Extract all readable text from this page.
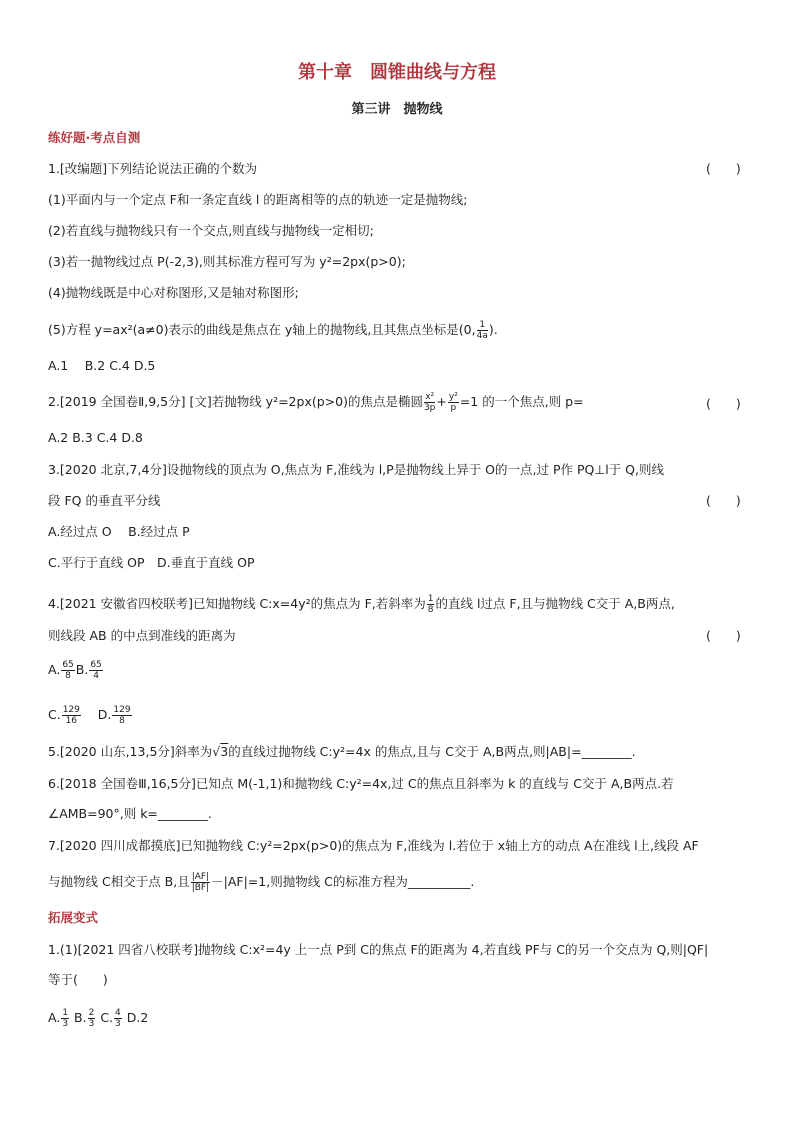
第十章　圆锥曲线与方程
第三讲　抛物线
练好题·考点自测
1.[改编题]下列结论说法正确的个数为	(　　)
(1)平面内与一个定点 F和一条定直线 l 的距离相等的点的轨迹一定是抛物线;
(2)若直线与抛物线只有一个交点,则直线与抛物线一定相切;
(3)若一抛物线过点 P(-2,3),则其标准方程可写为 y²=2px(p>0);
(4)抛物线既是中心对称图形,又是轴对称图形;
(5)方程 y=ax²(a≠0)表示的曲线是焦点在 y轴上的抛物线,且其焦点坐标是(0, $\frac{1}{4a}$ ).
A.1　 B.2 C.4 D.5
2.[2019 全国卷Ⅱ,9,5分] [文]若抛物线 y²=2px(p>0)的焦点是椭圆 $\frac{\text{x²}}{3p} + \frac{\text{y²}}{p} =1$ 的一个焦点,则 p=	(　　)
A.2 B.3 C.4 D.8
3.[2020 北京,7,4分]设抛物线的顶点为 O,焦点为 F,准线为 l,P是抛物线上异于 O的一点,过 P作 PQ⊥l于 Q,则线
段 FQ 的垂直平分线	(　　)
A.经过点 O　 B.经过点 P
C.平行于直线 OP　D.垂直于直线 OP
4.[2021 安徽省四校联考]已知抛物线 C:x=4y²的焦点为 F,若斜率为 $\frac{1}{8}$ 的直线 l过点 F,且与抛物线 C交于 A,B两点,
则线段 AB 的中点到准线的距离为	(　　)
A. $\frac{65}{8} B$. $\frac{65}{4}$
C. $\frac{129}{16} D$. $\frac{129}{8}$
5.[2020 山东,13,5分]斜率为√3的直线过抛物线 C:y²=4x 的焦点,且与 C交于 A,B两点,则|AB|=________.
6.[2018 全国卷Ⅲ,16,5分]已知点 M(-1,1)和抛物线 C:y²=4x,过 C的焦点且斜率为 k 的直线与 C交于 A,B两点.若
∠AMB=90°,则 k=________.
7.[2020 四川成都摸底]已知抛物线 C:y²=2px(p>0)的焦点为 F,准线为 l.若位于 x轴上方的动点 A在准线 l上,线段 AF
与抛物线 C相交于点 B,且 $\frac{|AF|}{|BF|} -|AF|=1$,则抛物线 C的标准方程为__________.
拓展变式
1.(1)[2021 四省八校联考]抛物线 C:x²=4y 上一点 P到 C的焦点 F的距离为 4,若直线 PF与 C的另一个交点为 Q,则|QF|
等于(　　)
A. $\frac{1}{3} B$. $\frac{2}{3} C$. $\frac{4}{3} D.2$
